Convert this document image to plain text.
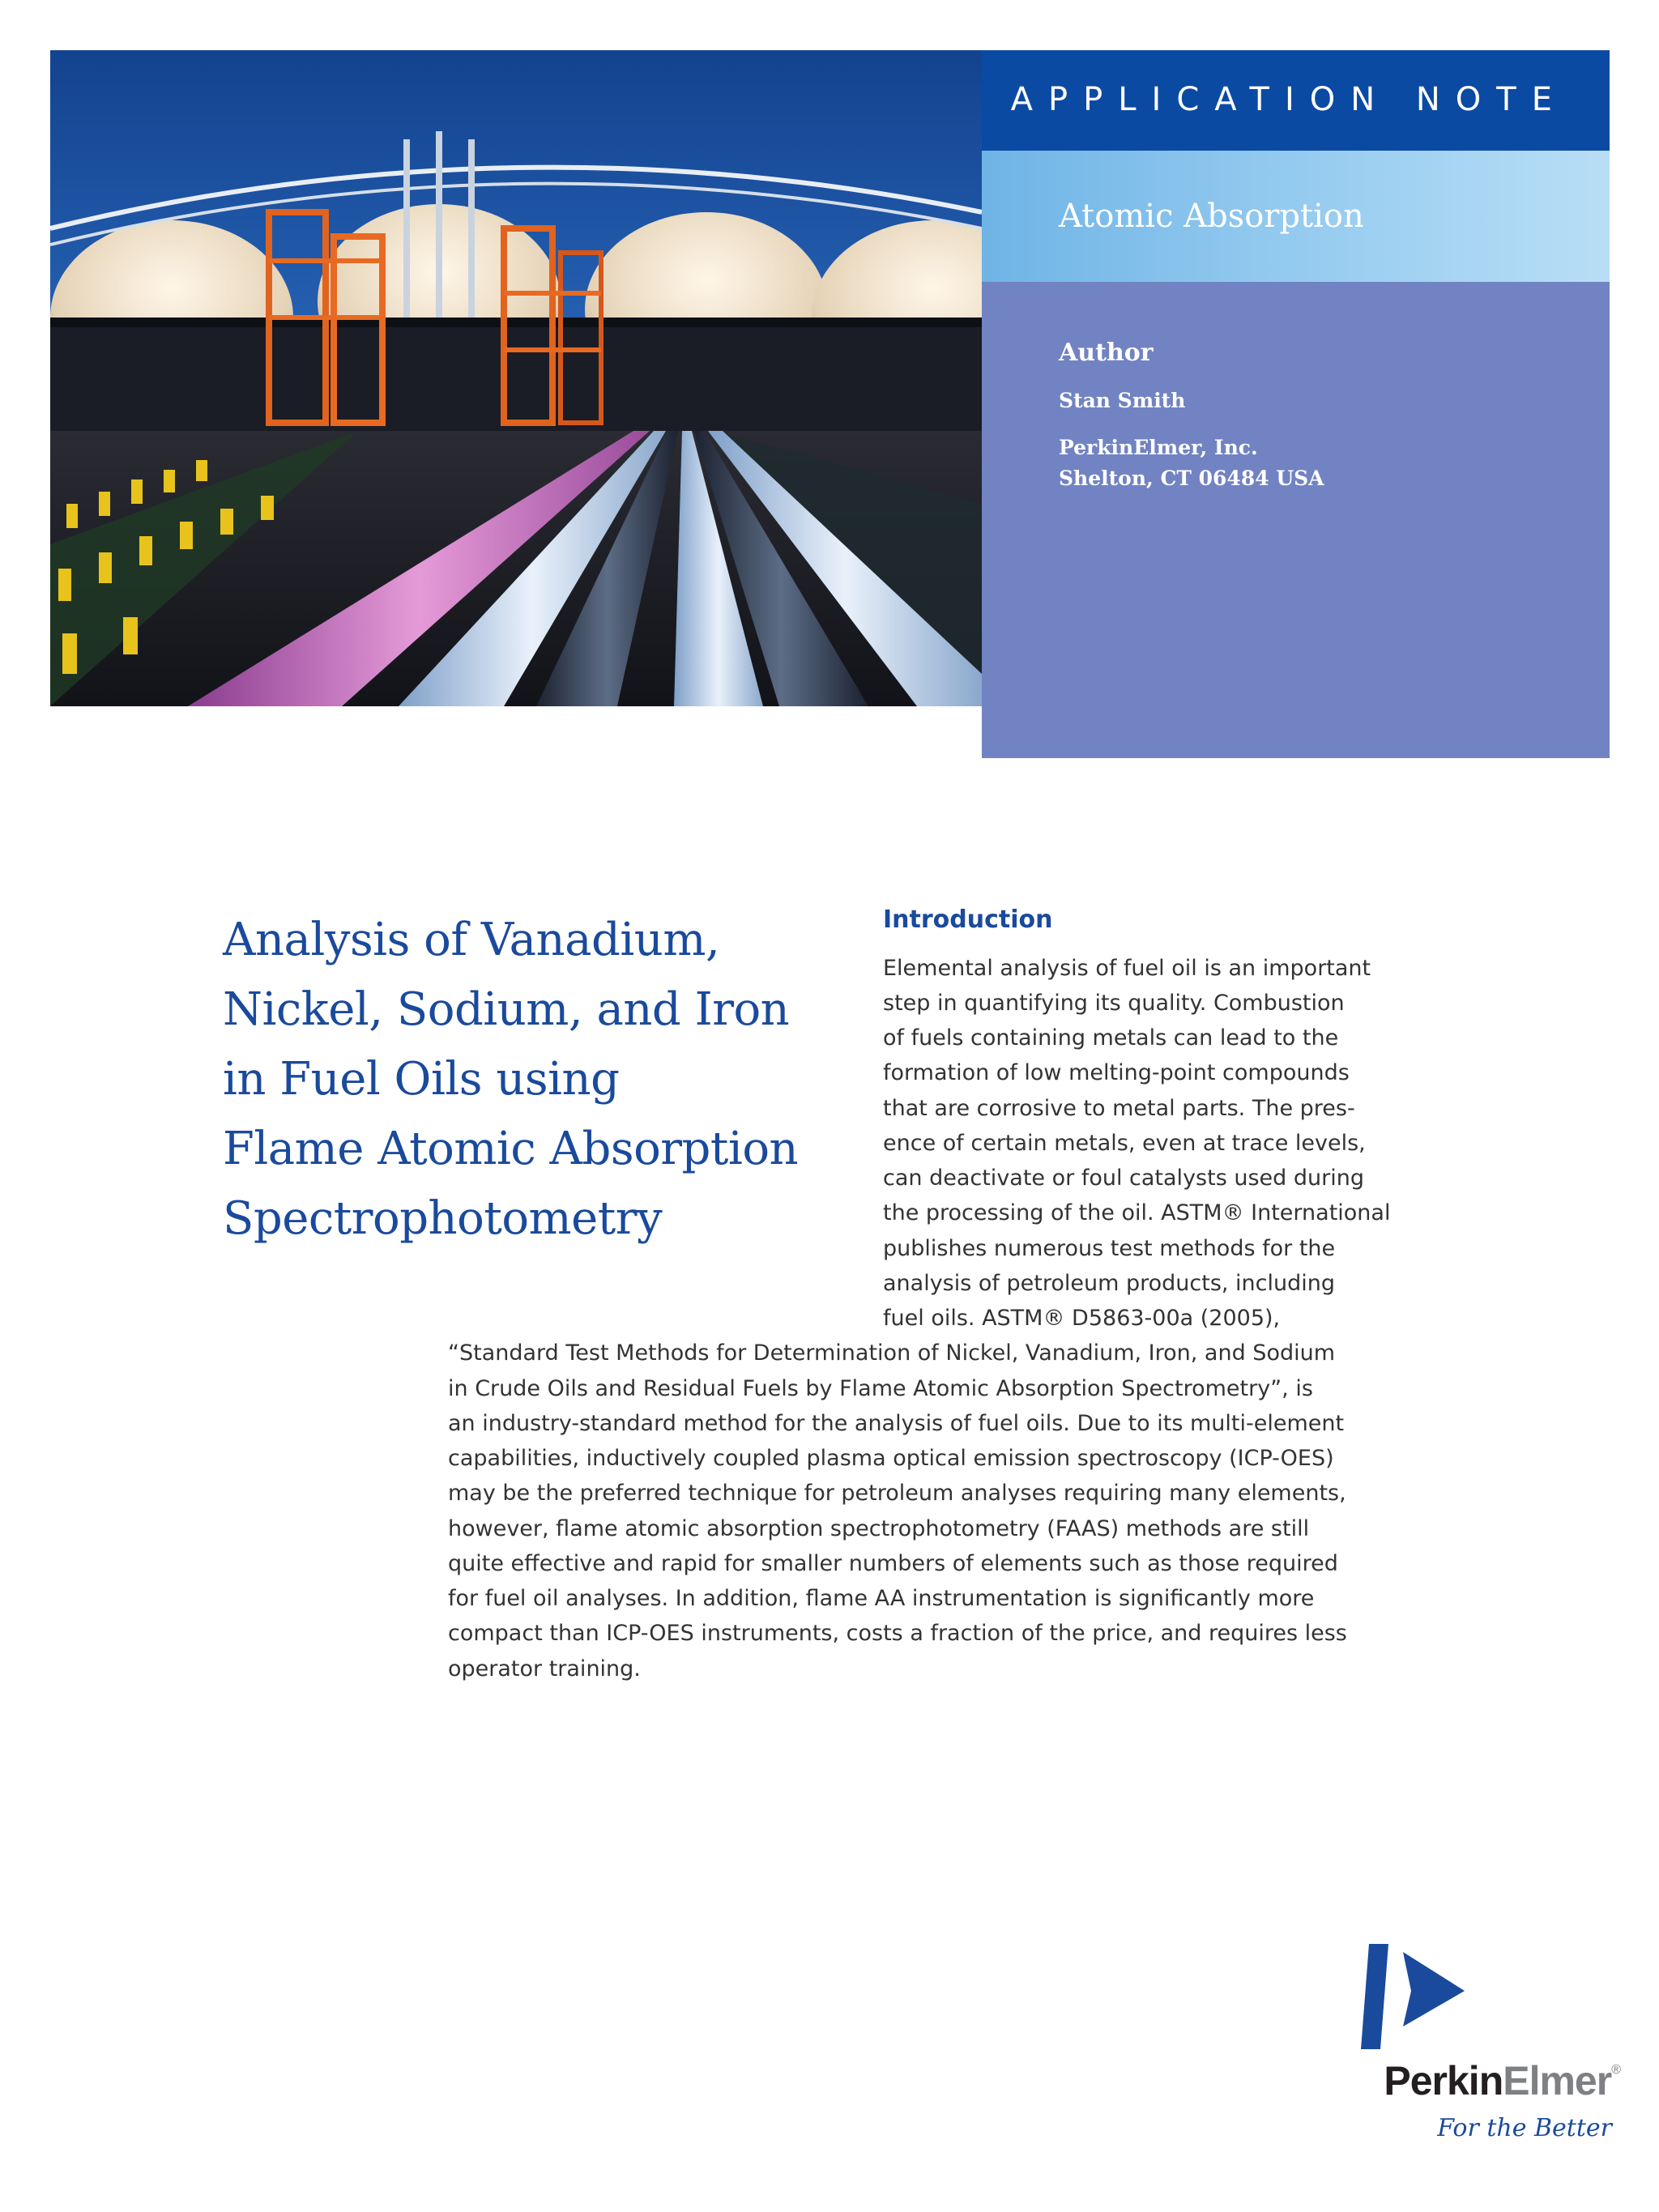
APPLICATION NOTE
Atomic Absorption

Author

Stan Smith

PerkinElmer, Inc.

Shelton, CT 06484 USA

Analysis of Vanadium,
Nickel, Sodium, and Iron
in Fuel Oils using
Flame Atomic Absorption
Spectrophotometry
Introduction

Elemental analysis of fuel oil is an important

step in quantifying its quality. Combustion

of fuels containing metals can lead to the

formation of low melting-point compounds

that are corrosive to metal parts. The pres-

ence of certain metals, even at trace levels,

can deactivate or foul catalysts used during

the processing of the oil. ASTM® International

publishes numerous test methods for the

analysis of petroleum products, including

fuel oils. ASTM® D5863-00a (2005),

“Standard Test Methods for Determination of Nickel, Vanadium, Iron, and Sodium

in Crude Oils and Residual Fuels by Flame Atomic Absorption Spectrometry”, is

an industry-standard method for the analysis of fuel oils. Due to its multi-element

capabilities, inductively coupled plasma optical emission spectroscopy (ICP-OES)

may be the preferred technique for petroleum analyses requiring many elements,

however, flame atomic absorption spectrophotometry (FAAS) methods are still

quite effective and rapid for smaller numbers of elements such as those required

for fuel oil analyses. In addition, flame AA instrumentation is significantly more

compact than ICP-OES instruments, costs a fraction of the price, and requires less

operator training.

PerkinElmer®

For the Better
